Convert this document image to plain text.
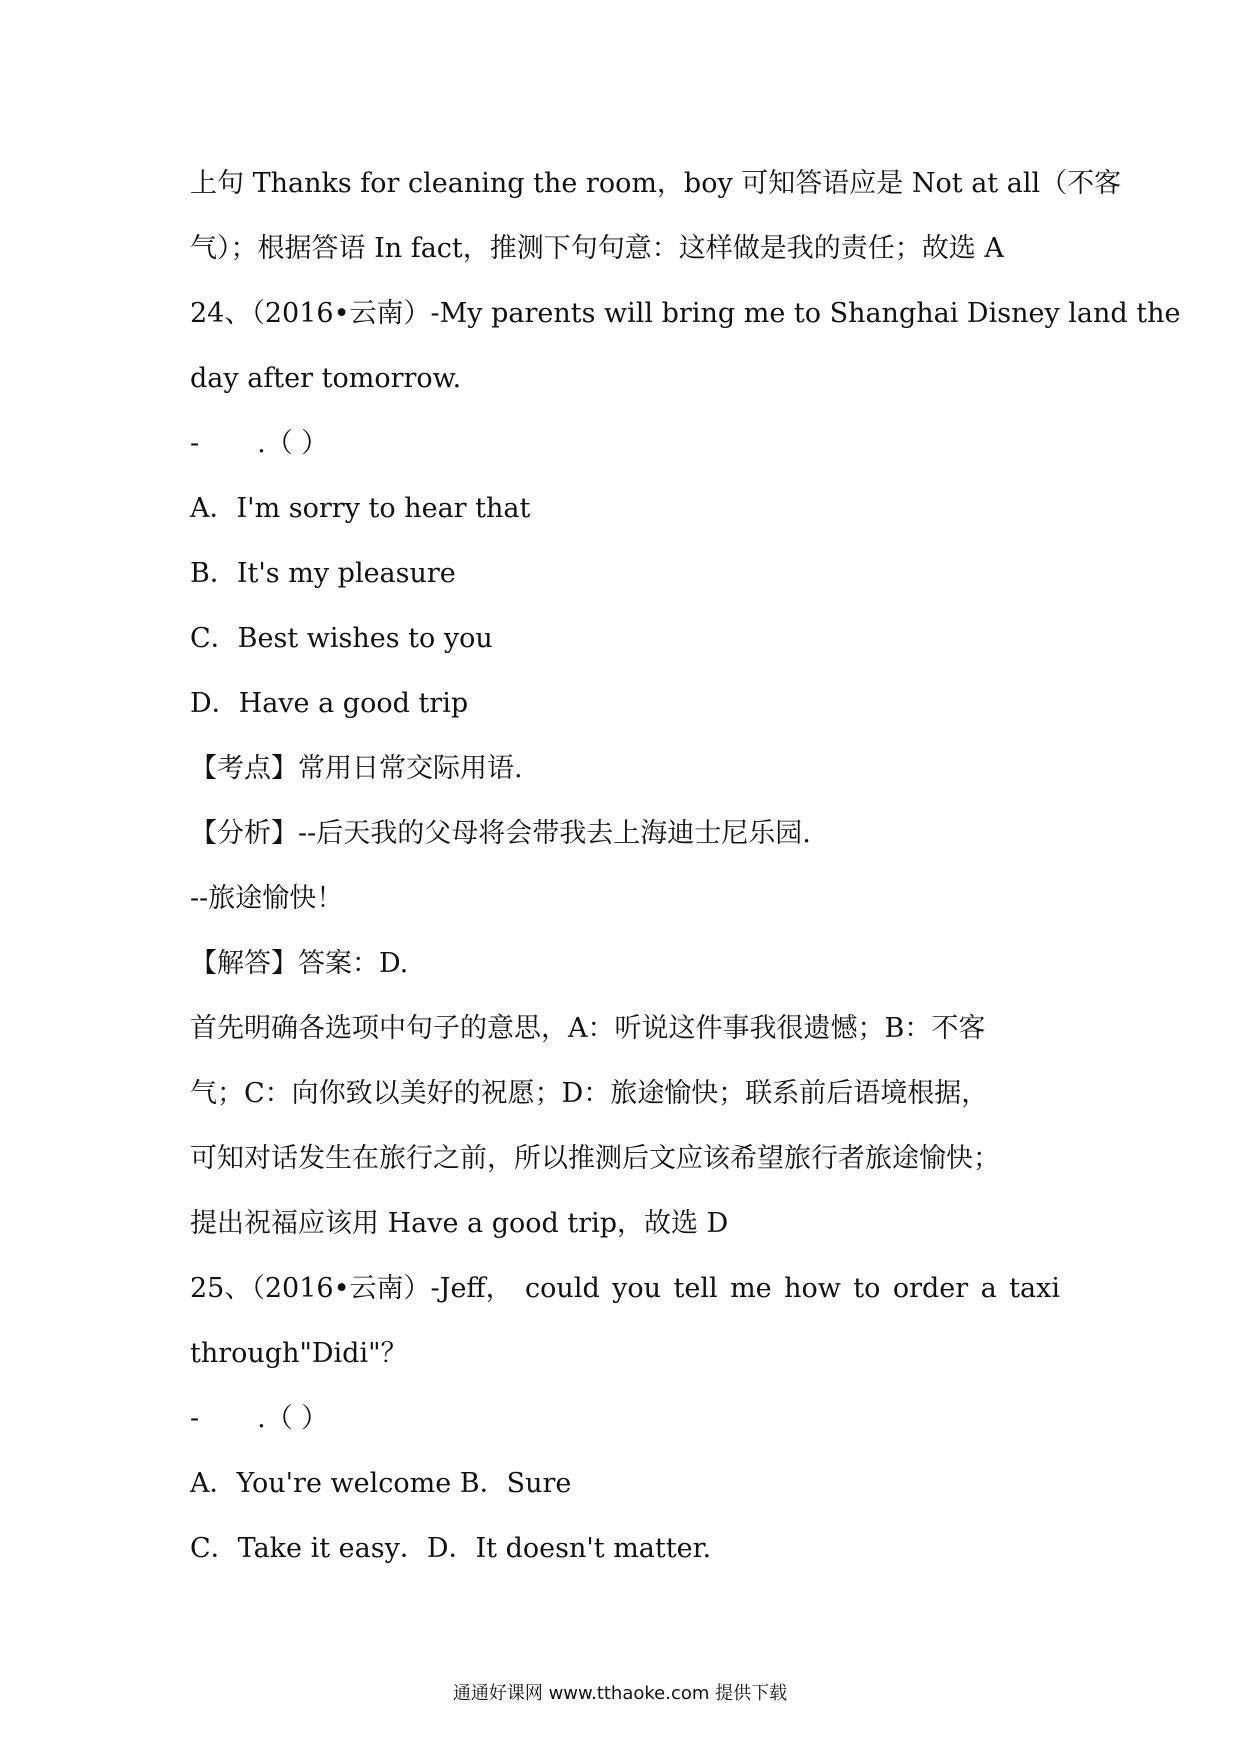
上句 Thanks for cleaning the room，boy 可知答语应是 Not at all（不客
气）；根据答语 In fact，推测下句句意：这样做是我的责任；故选 A
24、（2016•云南）-My parents will bring me to Shanghai Disney land the
day after tomorrow.
- .（ ）
A．I'm sorry to hear that
B．It's my pleasure
C．Best wishes to you
D．Have a good trip
【考点】常用日常交际用语.
【分析】--后天我的父母将会带我去上海迪士尼乐园.
--旅途愉快！
【解答】答案：D.
首先明确各选项中句子的意思，A：听说这件事我很遗憾；B：不客
气；C：向你致以美好的祝愿；D：旅途愉快；联系前后语境根据，
可知对话发生在旅行之前，所以推测后文应该希望旅行者旅途愉快；
提出祝福应该用 Have a good trip，故选 D
25、（2016•云南）-Jeff， could you tell me how to order a taxi
through"Didi"？
- .（ ）
A．You're welcome B．Sure
C．Take it easy．D．It doesn't matter.
通通好课网 www.tthaoke.com 提供下载
